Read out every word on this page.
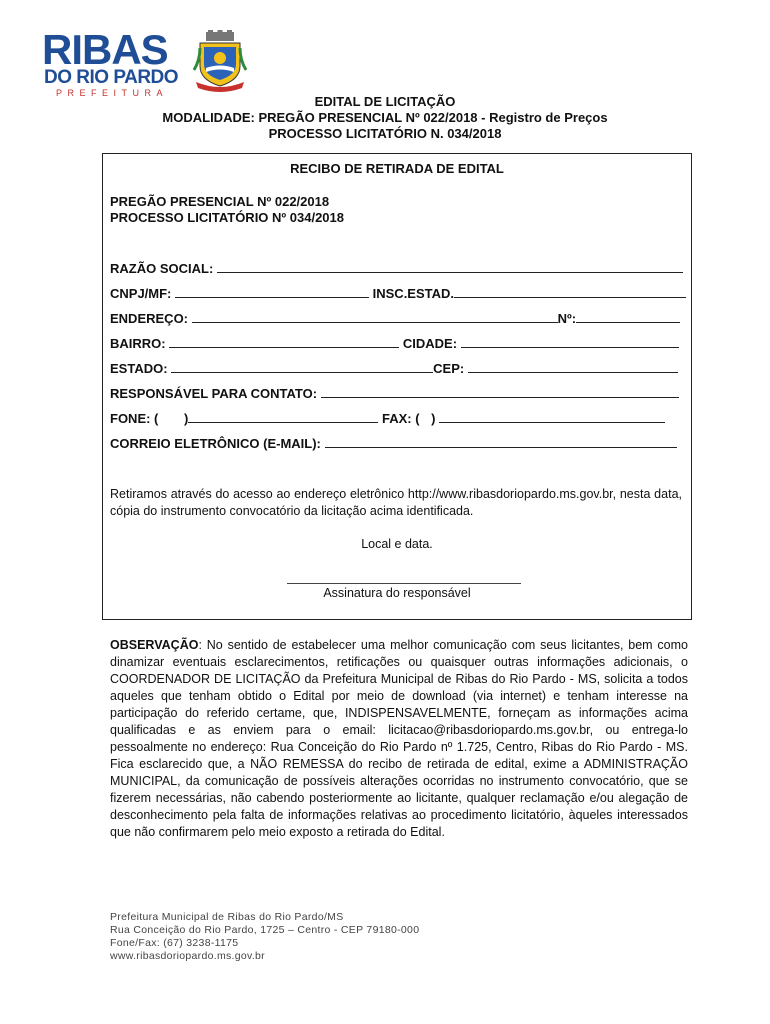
RIBAS
DO RIO PARDO
PREFEITURA
EDITAL DE LICITAÇÃO
MODALIDADE: PREGÃO PRESENCIAL Nº 022/2018 - Registro de Preços
PROCESSO LICITATÓRIO N. 034/2018
RECIBO DE RETIRADA DE EDITAL
PREGÃO PRESENCIAL Nº 022/2018
PROCESSO LICITATÓRIO Nº 034/2018
RAZÃO SOCIAL:
CNPJ/MF:	INSC.ESTAD.
ENDEREÇO:	Nº:
BAIRRO:	CIDADE:
ESTADO:	CEP:
RESPONSÁVEL PARA CONTATO:
FONE: ( )	FAX: ( )
CORREIO ELETRÔNICO (E-MAIL):
Retiramos através do acesso ao endereço eletrônico http://www.ribasdoriopardo.ms.gov.br, nesta data, cópia do instrumento convocatório da licitação acima identificada.
Local e data.
Assinatura do responsável
OBSERVAÇÃO: No sentido de estabelecer uma melhor comunicação com seus licitantes, bem como dinamizar eventuais esclarecimentos, retificações ou quaisquer outras informações adicionais, o COORDENADOR DE LICITAÇÃO da Prefeitura Municipal de Ribas do Rio Pardo - MS, solicita a todos aqueles que tenham obtido o Edital por meio de download (via internet) e tenham interesse na participação do referido certame, que, INDISPENSAVELMENTE, forneçam as informações acima qualificadas e as enviem para o email: licitacao@ribasdoriopardo.ms.gov.br, ou entrega-lo pessoalmente no endereço: Rua Conceição do Rio Pardo nº 1.725, Centro, Ribas do Rio Pardo - MS. Fica esclarecido que, a NÃO REMESSA do recibo de retirada de edital, exime a ADMINISTRAÇÃO MUNICIPAL, da comunicação de possíveis alterações ocorridas no instrumento convocatório, que se fizerem necessárias, não cabendo posteriormente ao licitante, qualquer reclamação e/ou alegação de desconhecimento pela falta de informações relativas ao procedimento licitatório, àqueles interessados que não confirmarem pelo meio exposto a retirada do Edital.
Prefeitura Municipal de Ribas do Rio Pardo/MS
Rua Conceição do Rio Pardo, 1725 – Centro - CEP 79180-000
Fone/Fax: (67) 3238-1175
www.ribasdoriopardo.ms.gov.br
